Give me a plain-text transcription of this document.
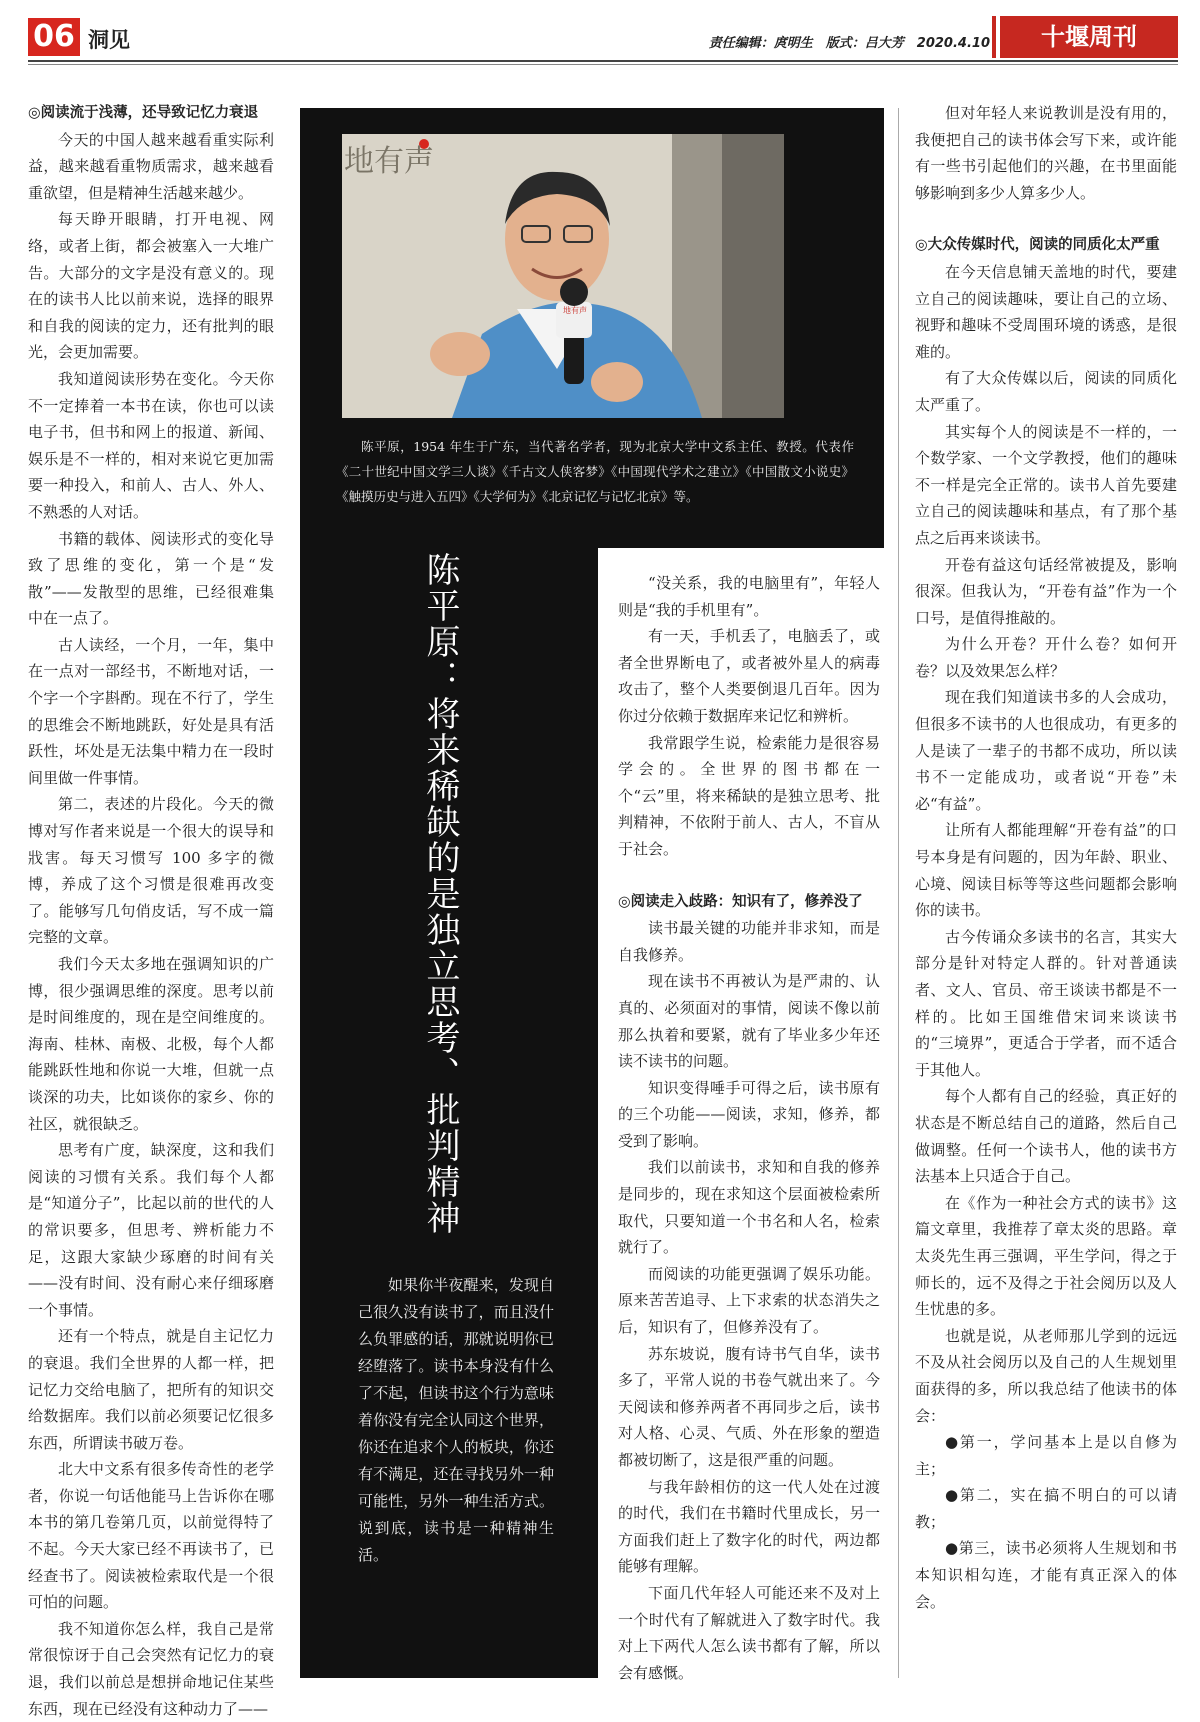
06 洞见	责任编辑：庹明生　版式：吕大芳　2020.4.10	十堰周刊

◎阅读流于浅薄，还导致记忆力衰退

今天的中国人越来越看重实际利益，越来越看重物质需求，越来越看重欲望，但是精神生活越来越少。

每天睁开眼睛，打开电视、网络，或者上街，都会被塞入一大堆广告。大部分的文字是没有意义的。现在的读书人比以前来说，选择的眼界和自我的阅读的定力，还有批判的眼光，会更加需要。

我知道阅读形势在变化。今天你不一定捧着一本书在读，你也可以读电子书，但书和网上的报道、新闻、娱乐是不一样的，相对来说它更加需要一种投入，和前人、古人、外人、不熟悉的人对话。

书籍的载体、阅读形式的变化导致了思维的变化，第一个是“发散”——发散型的思维，已经很难集中在一点了。

古人读经，一个月，一年，集中在一点对一部经书，不断地对话，一个字一个字斟酌。现在不行了，学生的思维会不断地跳跃，好处是具有活跃性，坏处是无法集中精力在一段时间里做一件事情。

第二，表述的片段化。今天的微博对写作者来说是一个很大的误导和戕害。每天习惯写 100 多字的微博，养成了这个习惯是很难再改变了。能够写几句俏皮话，写不成一篇完整的文章。

我们今天太多地在强调知识的广博，很少强调思维的深度。思考以前是时间维度的，现在是空间维度的。海南、桂林、南极、北极，每个人都能跳跃性地和你说一大堆，但就一点谈深的功夫，比如谈你的家乡、你的社区，就很缺乏。

思考有广度，缺深度，这和我们阅读的习惯有关系。我们每个人都是“知道分子”，比起以前的世代的人的常识要多，但思考、辨析能力不足，这跟大家缺少琢磨的时间有关——没有时间、没有耐心来仔细琢磨一个事情。

还有一个特点，就是自主记忆力的衰退。我们全世界的人都一样，把记忆力交给电脑了，把所有的知识交给数据库。我们以前必须要记忆很多东西，所谓读书破万卷。

北大中文系有很多传奇性的老学者，你说一句话他能马上告诉你在哪本书的第几卷第几页，以前觉得特了不起。今天大家已经不再读书了，已经查书了。阅读被检索取代是一个很可怕的问题。

我不知道你怎么样，我自己是常常很惊讶于自己会突然有记忆力的衰退，我们以前总是想拼命地记住某些东西，现在已经没有这种动力了——

地有声
地有声
陈平原，1954 年生于广东，当代著名学者，现为北京大学中文系主任、教授。代表作《二十世纪中国文学三人谈》《千古文人侠客梦》《中国现代学术之建立》《中国散文小说史》《触摸历史与进入五四》《大学何为》《北京记忆与记忆北京》等。
陈平原：将来稀缺的是独立思考、批判精神
如果你半夜醒来，发现自己很久没有读书了，而且没什么负罪感的话，那就说明你已经堕落了。读书本身没有什么了不起，但读书这个行为意味着你没有完全认同这个世界，你还在追求个人的板块，你还有不满足，还在寻找另外一种可能性，另外一种生活方式。说到底，读书是一种精神生活。

“没关系，我的电脑里有”，年轻人则是“我的手机里有”。

有一天，手机丢了，电脑丢了，或者全世界断电了，或者被外星人的病毒攻击了，整个人类要倒退几百年。因为你过分依赖于数据库来记忆和辨析。

我常跟学生说，检索能力是很容易学会的。全世界的图书都在一个“云”里，将来稀缺的是独立思考、批判精神，不依附于前人、古人，不盲从于社会。

◎阅读走入歧路：知识有了，修养没了

读书最关键的功能并非求知，而是自我修养。

现在读书不再被认为是严肃的、认真的、必须面对的事情，阅读不像以前那么执着和要紧，就有了毕业多少年还读不读书的问题。

知识变得唾手可得之后，读书原有的三个功能——阅读，求知，修养，都受到了影响。

我们以前读书，求知和自我的修养是同步的，现在求知这个层面被检索所取代，只要知道一个书名和人名，检索就行了。

而阅读的功能更强调了娱乐功能。原来苦苦追寻、上下求索的状态消失之后，知识有了，但修养没有了。

苏东坡说，腹有诗书气自华，读书多了，平常人说的书卷气就出来了。今天阅读和修养两者不再同步之后，读书对人格、心灵、气质、外在形象的塑造都被切断了，这是很严重的问题。

与我年龄相仿的这一代人处在过渡的时代，我们在书籍时代里成长，另一方面我们赶上了数字化的时代，两边都能够有理解。

下面几代年轻人可能还来不及对上一个时代有了解就进入了数字时代。我对上下两代人怎么读书都有了解，所以会有感慨。

但对年轻人来说教训是没有用的，我便把自己的读书体会写下来，或许能有一些书引起他们的兴趣，在书里面能够影响到多少人算多少人。

◎大众传媒时代，阅读的同质化太严重

在今天信息铺天盖地的时代，要建立自己的阅读趣味，要让自己的立场、视野和趣味不受周围环境的诱惑，是很难的。

有了大众传媒以后，阅读的同质化太严重了。

其实每个人的阅读是不一样的，一个数学家、一个文学教授，他们的趣味不一样是完全正常的。读书人首先要建立自己的阅读趣味和基点，有了那个基点之后再来谈读书。

开卷有益这句话经常被提及，影响很深。但我认为，“开卷有益”作为一个口号，是值得推敲的。

为什么开卷？开什么卷？如何开卷？以及效果怎么样？

现在我们知道读书多的人会成功，但很多不读书的人也很成功，有更多的人是读了一辈子的书都不成功，所以读书不一定能成功，或者说“开卷”未必“有益”。

让所有人都能理解“开卷有益”的口号本身是有问题的，因为年龄、职业、心境、阅读目标等等这些问题都会影响你的读书。

古今传诵众多读书的名言，其实大部分是针对特定人群的。针对普通读者、文人、官员、帝王谈读书都是不一样的。比如王国维借宋词来谈读书的“三境界”，更适合于学者，而不适合于其他人。

每个人都有自己的经验，真正好的状态是不断总结自己的道路，然后自己做调整。任何一个读书人，他的读书方法基本上只适合于自己。

在《作为一种社会方式的读书》这篇文章里，我推荐了章太炎的思路。章太炎先生再三强调，平生学问，得之于师长的，远不及得之于社会阅历以及人生忧患的多。

也就是说，从老师那儿学到的远远不及从社会阅历以及自己的人生规划里面获得的多，所以我总结了他读书的体会：

●第一，学问基本上是以自修为主；

●第二，实在搞不明白的可以请教；

●第三，读书必须将人生规划和书本知识相勾连，才能有真正深入的体会。
